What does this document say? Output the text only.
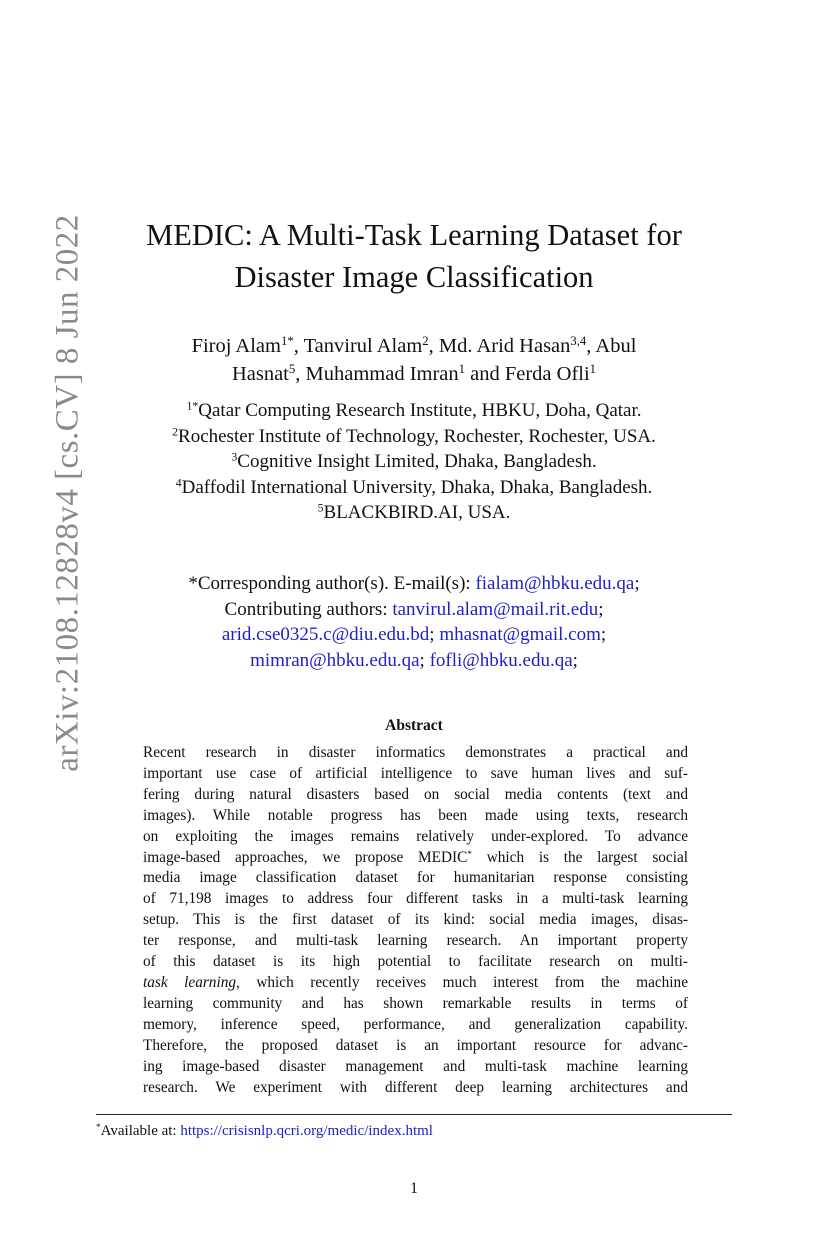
arXiv:2108.12828v4 [cs.CV] 8 Jun 2022	MEDIC: A Multi-Task Learning Dataset for
Disaster Image Classification
Firoj Alam$^{1*}$, Tanvirul Alam$^2$, Md. Arid Hasan$^{3,4}$, Abul
Hasnat$^5$, Muhammad Imran$^1$ and Ferda Ofli$^1$
$^{1*}$Qatar Computing Research Institute, HBKU, Doha, Qatar.
$^2$Rochester Institute of Technology, Rochester, Rochester, USA.
$^3$Cognitive Insight Limited, Dhaka, Bangladesh.
$^4$Daffodil International University, Dhaka, Dhaka, Bangladesh.
$^5$BLACKBIRD.AI, USA.
*Corresponding author(s). E-mail(s): fialam@hbku.edu.qa;
Contributing authors: tanvirul.alam@mail.rit.edu;
arid.cse0325.c@diu.edu.bd; mhasnat@gmail.com;
mimran@hbku.edu.qa; fofli@hbku.edu.qa;
Abstract
Recent research in disaster informatics demonstrates a practical and
important use case of artificial intelligence to save human lives and suf-
fering during natural disasters based on social media contents (text and
images). While notable progress has been made using texts, research
on exploiting the images remains relatively under-explored. To advance
image-based approaches, we propose MEDIC* which is the largest social
media image classification dataset for humanitarian response consisting
of 71,198 images to address four different tasks in a multi-task learning
setup. This is the first dataset of its kind: social media images, disas-
ter response, and multi-task learning research. An important property
of this dataset is its high potential to facilitate research on multi-
task learning, which recently receives much interest from the machine
learning community and has shown remarkable results in terms of
memory, inference speed, performance, and generalization capability.
Therefore, the proposed dataset is an important resource for advanc-
ing image-based disaster management and multi-task machine learning
research. We experiment with different deep learning architectures and
*Available at: https://crisisnlp.qcri.org/medic/index.html
1
